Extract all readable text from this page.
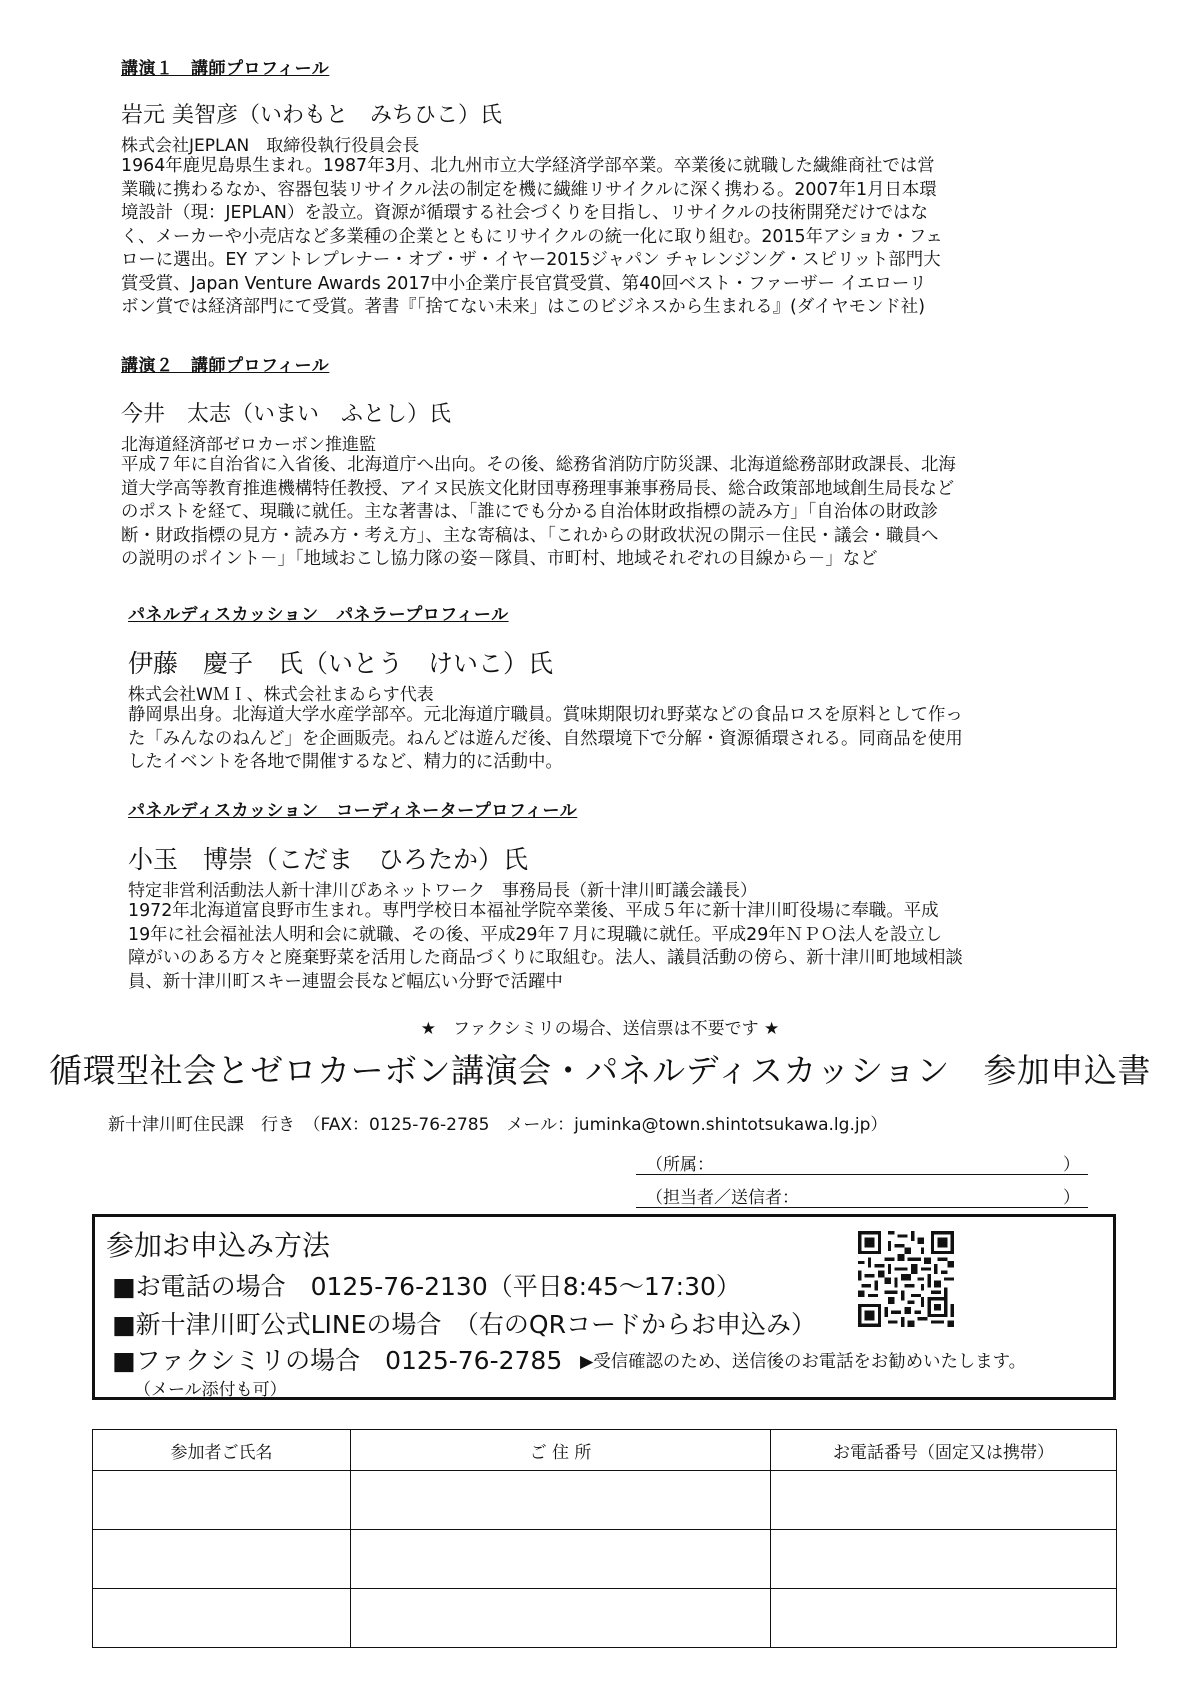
講演１　講師プロフィール
岩元 美智彦（いわもと　みちひこ）氏
株式会社JEPLAN　取締役執行役員会長
1964年鹿児島県生まれ。1987年3月、北九州市立大学経済学部卒業。卒業後に就職した繊維商社では営
業職に携わるなか、容器包装リサイクル法の制定を機に繊維リサイクルに深く携わる。2007年1月日本環
境設計（現：JEPLAN）を設立。資源が循環する社会づくりを目指し、リサイクルの技術開発だけではな
く、メーカーや小売店など多業種の企業とともにリサイクルの統一化に取り組む。2015年アショカ・フェ
ローに選出。EY アントレプレナー・オブ・ザ・イヤー2015ジャパン チャレンジング・スピリット部門大
賞受賞、Japan Venture Awards 2017中小企業庁長官賞受賞、第40回ベスト・ファーザー イエローリ
ボン賞では経済部門にて受賞。著書『「捨てない未来」はこのビジネスから生まれる』(ダイヤモンド社)
講演２　講師プロフィール
今井　太志（いまい　ふとし）氏
北海道経済部ゼロカーボン推進監
平成７年に自治省に入省後、北海道庁へ出向。その後、総務省消防庁防災課、北海道総務部財政課長、北海
道大学高等教育推進機構特任教授、アイヌ民族文化財団専務理事兼事務局長、総合政策部地域創生局長など
のポストを経て、現職に就任。主な著書は、「誰にでも分かる自治体財政指標の読み方」「自治体の財政診
断・財政指標の見方・読み方・考え方」、主な寄稿は、「これからの財政状況の開示－住民・議会・職員へ
の説明のポイント－」「地域おこし協力隊の姿－隊員、市町村、地域それぞれの目線から－」など
パネルディスカッション　パネラープロフィール
伊藤　慶子　氏（いとう　けいこ）氏
株式会社WＭＩ、株式会社まゐらす代表
静岡県出身。北海道大学水産学部卒。元北海道庁職員。賞味期限切れ野菜などの食品ロスを原料として作っ
た「みんなのねんど」を企画販売。ねんどは遊んだ後、自然環境下で分解・資源循環される。同商品を使用
したイベントを各地で開催するなど、精力的に活動中。
パネルディスカッション　コーディネータープロフィール
小玉　博崇（こだま　ひろたか）氏
特定非営利活動法人新十津川ぴあネットワーク　事務局長（新十津川町議会議長）
1972年北海道富良野市生まれ。専門学校日本福祉学院卒業後、平成５年に新十津川町役場に奉職。平成
19年に社会福祉法人明和会に就職、その後、平成29年７月に現職に就任。平成29年ＮＰＯ法人を設立し
障がいのある方々と廃棄野菜を活用した商品づくりに取組む。法人、議員活動の傍ら、新十津川町地域相談
員、新十津川町スキー連盟会長など幅広い分野で活躍中
★　ファクシミリの場合、送信票は不要です ★
循環型社会とゼロカーボン講演会・パネルディスカッション　参加申込書
新十津川町住民課　行き　（FAX：0125-76-2785　メール：juminka@town.shintotsukawa.lg.jp）
（所属：	）
（担当者／送信者：	）
参加お申込み方法
■お電話の場合　0125-76-2130（平日8:45～17:30）
■新十津川町公式LINEの場合　（右のQRコードからお申込み）
■ファクシミリの場合　0125-76-2785 ▶受信確認のため、送信後のお電話をお勧めいたします。
（メール添付も可）
参加者ご氏名	ご 住 所	お電話番号（固定又は携帯）
